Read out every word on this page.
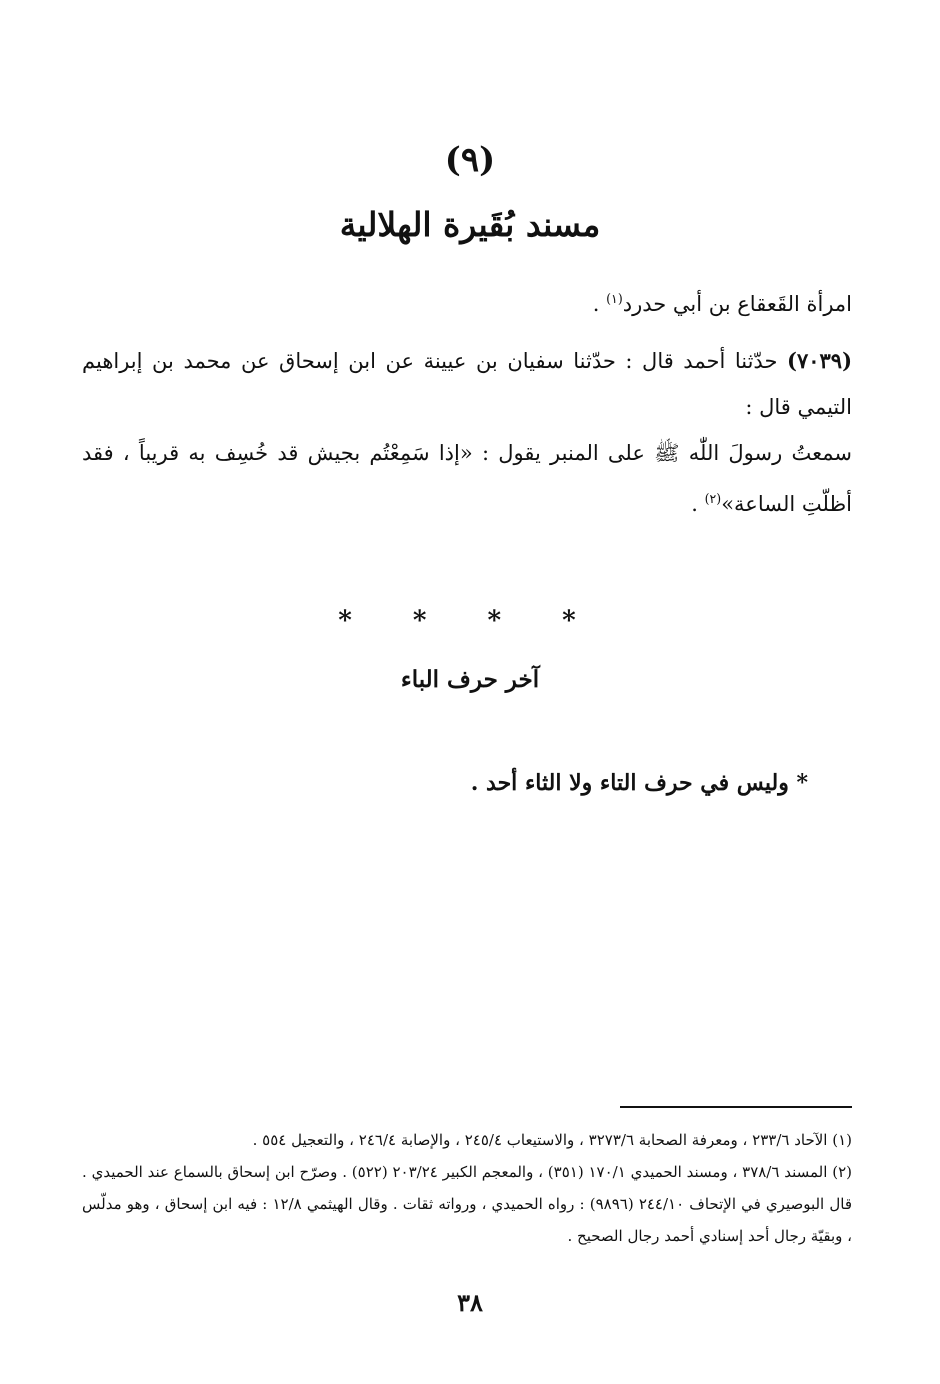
(٩)
مسند بُقَيرة الهلالية
امرأة القَعقاع بن أبي حدرد$^{(١)}$ .
(٧٠٣٩) حدّثنا أحمد قال : حدّثنا سفيان بن عيينة عن ابن إسحاق عن محمد بن إبراهيم التيمي قال :
سمعتُ رسولَ اللّٰه ﷺ على المنبر يقول : «إذا سَمِعْتُم بجيش قد خُسِف به قريباً ، فقد أظلّتِ الساعة»$^{(٢)}$ .
* * * *
آخر حرف الباء
* وليس في حرف التاء ولا الثاء أحد .
(١) الآحاد ٢٣٣/٦ ، ومعرفة الصحابة ٣٢٧٣/٦ ، والاستيعاب ٢٤٥/٤ ، والإصابة ٢٤٦/٤ ، والتعجيل ٥٥٤ .
(٢) المسند ٣٧٨/٦ ، ومسند الحميدي ١٧٠/١ (٣٥١) ، والمعجم الكبير ٢٠٣/٢٤ (٥٢٢) . وصرّح ابن إسحاق بالسماع عند الحميدي . قال البوصيري في الإتحاف ٢٤٤/١٠ (٩٨٩٦) : رواه الحميدي ، ورواته ثقات . وقال الهيثمي ١٢/٨ : فيه ابن إسحاق ، وهو مدلّس ، وبقيّة رجال أحد إسنادي أحمد رجال الصحيح .
٣٨
